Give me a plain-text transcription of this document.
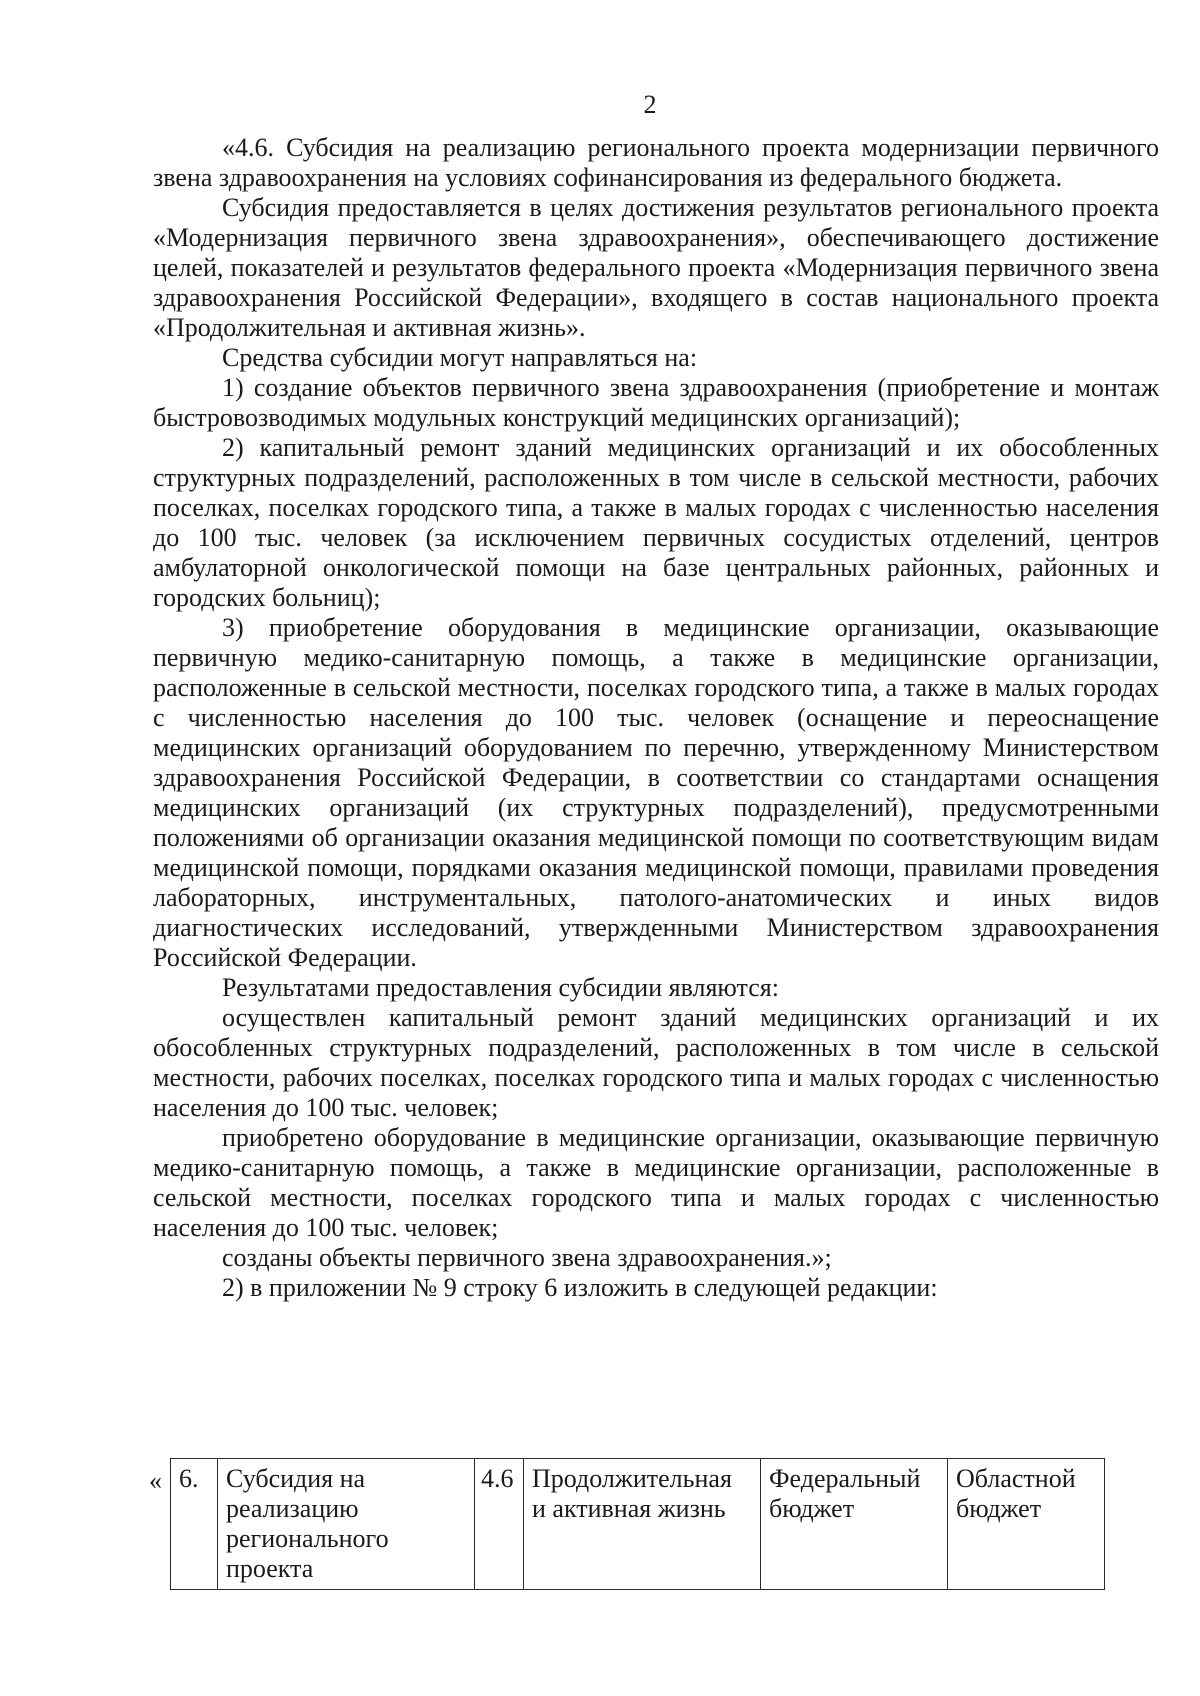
2

«4.6. Субсидия на реализацию регионального проекта модернизации первичного звена здравоохранения на условиях софинансирования из федерального бюджета.

Субсидия предоставляется в целях достижения результатов регионального проекта «Модернизация первичного звена здравоохранения», обеспечивающего достижение целей, показателей и результатов федерального проекта «Модернизация первичного звена здравоохранения Российской Федерации», входящего в состав национального проекта «Продолжительная и активная жизнь».

Средства субсидии могут направляться на:

1) создание объектов первичного звена здравоохранения (приобретение и монтаж быстровозводимых модульных конструкций медицинских организаций);

2) капитальный ремонт зданий медицинских организаций и их обособленных структурных подразделений, расположенных в том числе в сельской местности, рабочих поселках, поселках городского типа, а также в малых городах с численностью населения до 100 тыс. человек (за исключением первичных сосудистых отделений, центров амбулаторной онкологической помощи на базе центральных районных, районных и городских больниц);

3) приобретение оборудования в медицинские организации, оказывающие первичную медико-санитарную помощь, а также в медицинские организации, расположенные в сельской местности, поселках городского типа, а также в малых городах с численностью населения до 100 тыс. человек (оснащение и переоснащение медицинских организаций оборудованием по перечню, утвержденному Министерством здравоохранения Российской Федерации, в соответствии со стандартами оснащения медицинских организаций (их структурных подразделений), предусмотренными положениями об организации оказания медицинской помощи по соответствующим видам медицинской помощи, порядками оказания медицинской помощи, правилами проведения лабораторных, инструментальных, патолого-анатомических и иных видов диагностических исследований, утвержденными Министерством здравоохранения Российской Федерации.

Результатами предоставления субсидии являются:

осуществлен капитальный ремонт зданий медицинских организаций и их обособленных структурных подразделений, расположенных в том числе в сельской местности, рабочих поселках, поселках городского типа и малых городах с численностью населения до 100 тыс. человек;

приобретено оборудование в медицинские организации, оказывающие первичную медико-санитарную помощь, а также в медицинские организации, расположенные в сельской местности, поселках городского типа и малых городах с численностью населения до 100 тыс. человек;

созданы объекты первичного звена здравоохранения.»;

2) в приложении № 9 строку 6 изложить в следующей редакции:

« 6.	Субсидия на реализацию регионального проекта	4.6	Продолжительная и активная жизнь	Федеральный бюджет	Областной бюджет
